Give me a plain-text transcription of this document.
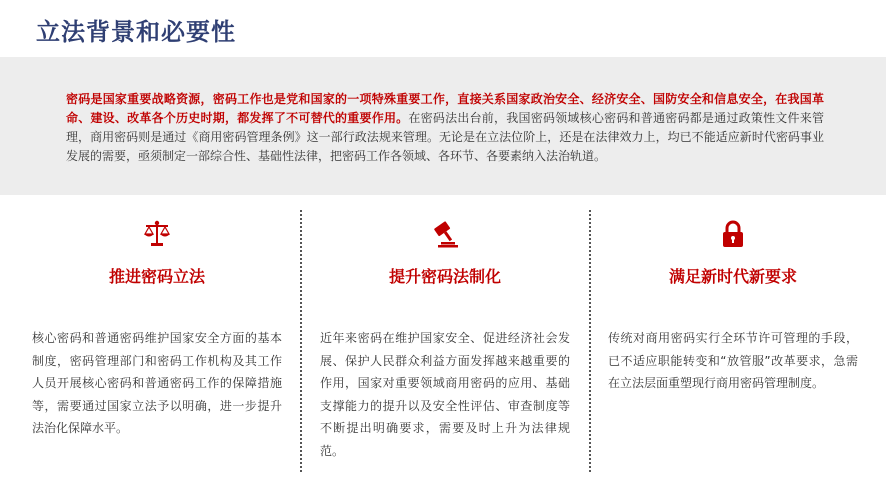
立法背景和必要性
密码是国家重要战略资源，密码工作也是党和国家的一项特殊重要工作，直接关系国家政治安全、经济安全、国防安全和信息安全，在我国革命、建设、改革各个历史时期，都发挥了不可替代的重要作用。在密码法出台前，我国密码领域核心密码和普通密码都是通过政策性文件来管理，商用密码则是通过《商用密码管理条例》这一部行政法规来管理。无论是在立法位阶上，还是在法律效力上，均已不能适应新时代密码事业发展的需要，亟须制定一部综合性、基础性法律，把密码工作各领域、各环节、各要素纳入法治轨道。
推进密码立法
核心密码和普通密码维护国家安全方面的基本制度，密码管理部门和密码工作机构及其工作人员开展核心密码和普通密码工作的保障措施等，需要通过国家立法予以明确，进一步提升法治化保障水平。
提升密码法制化
近年来密码在维护国家安全、促进经济社会发展、保护人民群众利益方面发挥越来越重要的作用，国家对重要领域商用密码的应用、基础支撑能力的提升以及安全性评估、审查制度等不断提出明确要求，需要及时上升为法律规范。
满足新时代新要求
传统对商用密码实行全环节许可管理的手段，已不适应职能转变和“放管服”改革要求，急需在立法层面重塑现行商用密码管理制度。
